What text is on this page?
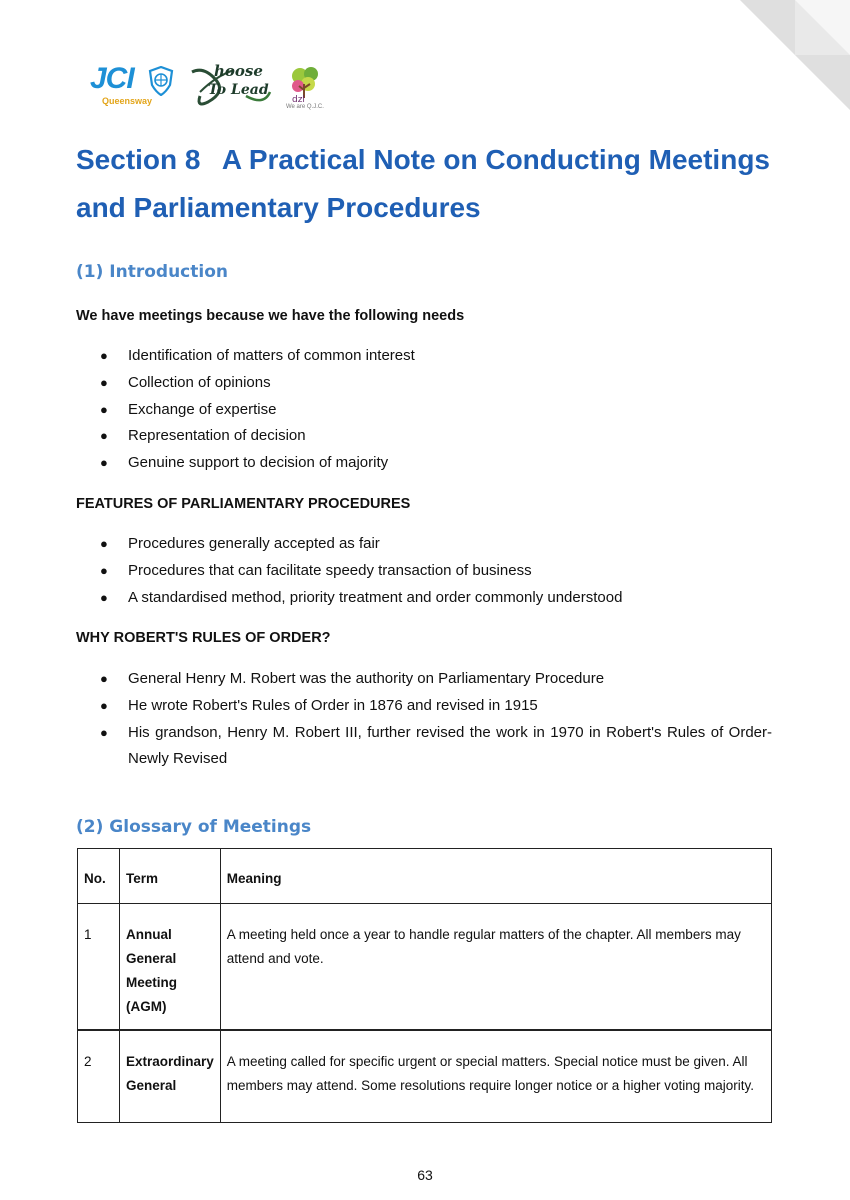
JCI
Queensway
hoose
To Lead
dzl
We are Q.J.C.
Section 8 A Practical Note on Conducting Meetings
and Parliamentary Procedures
(1) Introduction

We have meetings because we have the following needs

● Identification of matters of common interest
● Collection of opinions
● Exchange of expertise
● Representation of decision
● Genuine support to decision of majority

FEATURES OF PARLIAMENTARY PROCEDURES

● Procedures generally accepted as fair
● Procedures that can facilitate speedy transaction of business
● A standardised method, priority treatment and order commonly understood

WHY ROBERT'S RULES OF ORDER?

● General Henry M. Robert was the authority on Parliamentary Procedure
● He wrote Robert's Rules of Order in 1876 and revised in 1915
● His grandson, Henry M. Robert III, further revised the work in 1970 in Robert's Rules of Order-Newly Revised
(2) Glossary of Meetings
No.	Term	Meaning
1	Annual General Meeting (AGM)	A meeting held once a year to handle regular matters of the chapter. All members may attend and vote.
2	Extraordinary General	A meeting called for specific urgent or special matters. Special notice must be given. All members may attend. Some resolutions require longer notice or a higher voting majority.
63
